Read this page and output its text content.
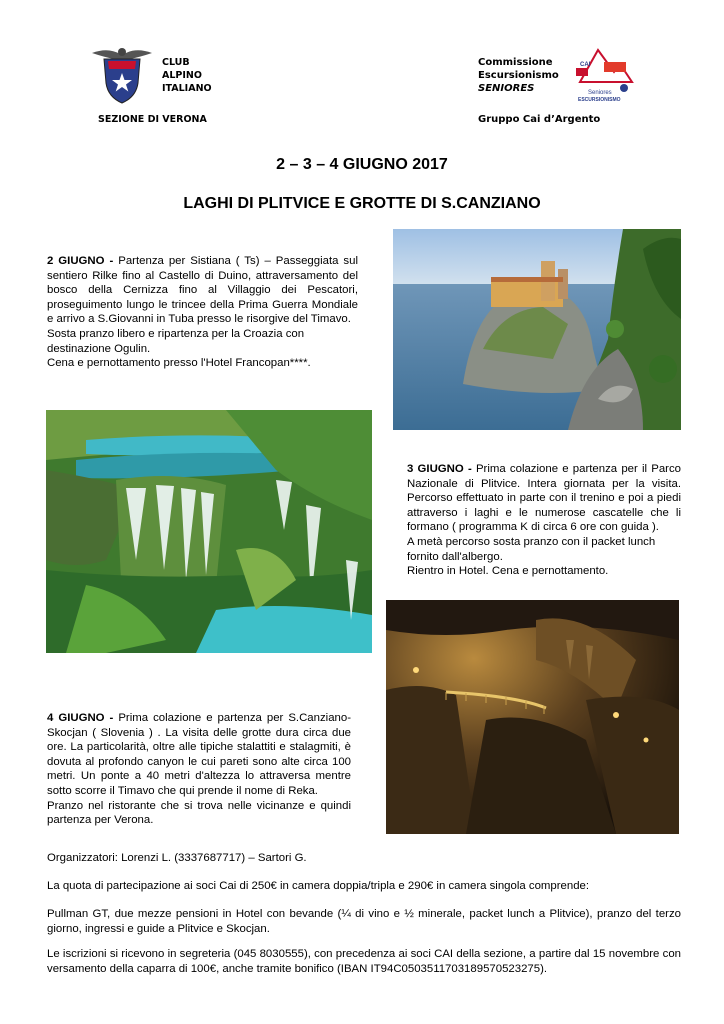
CLUB
ALPINO
ITALIANO
SEZIONE DI VERONA
Commissione
Escursionismo
SENIORES
Gruppo Cai d’Argento
CAI
Seniores
ESCURSIONISMO
2 – 3 – 4 GIUGNO 2017
LAGHI DI PLITVICE E GROTTE DI S.CANZIANO
2 GIUGNO - Partenza per Sistiana ( Ts) – Passeggiata sul sentiero Rilke fino al Castello di Duino, attraversamento del bosco della Cernizza fino al Villaggio dei Pescatori, proseguimento lungo le trincee della Prima Guerra Mondiale e arrivo a S.Giovanni in Tuba presso le risorgive del Timavo.
Sosta pranzo libero e ripartenza per la Croazia con destinazione Ogulin.
Cena e pernottamento presso l'Hotel Francopan****.
3 GIUGNO - Prima colazione e partenza per il Parco Nazionale di Plitvice. Intera giornata per la visita. Percorso effettuato in parte con il trenino e poi a piedi attraverso i laghi e le numerose cascatelle che li formano ( programma K di circa 6 ore con guida ).
A metà percorso sosta pranzo con il packet lunch fornito dall'albergo.
Rientro in Hotel. Cena e pernottamento.
4 GIUGNO - Prima colazione e partenza per S.Canziano-Skocjan ( Slovenia ) . La visita delle grotte dura circa due ore. La particolarità, oltre alle tipiche stalattiti e stalagmiti, è dovuta al profondo canyon le cui pareti sono alte circa 100 metri. Un ponte a 40 metri d'altezza lo attraversa mentre sotto scorre il Timavo che qui prende il nome di Reka.
Pranzo nel ristorante che si trova nelle vicinanze e quindi partenza per Verona.
Organizzatori: Lorenzi L. (3337687717) – Sartori G.
La quota di partecipazione ai soci Cai di 250€ in camera doppia/tripla e 290€ in camera singola comprende:
Pullman GT, due mezze pensioni in Hotel con bevande (¼ di vino e ½ minerale, packet lunch a Plitvice), pranzo del terzo giorno, ingressi e guide a Plitvice e Skocjan.
Le iscrizioni si ricevono in segreteria (045 8030555), con precedenza ai soci CAI della sezione, a partire dal 15 novembre con versamento della caparra di 100€, anche tramite bonifico (IBAN IT94C0503511703189570523275).
